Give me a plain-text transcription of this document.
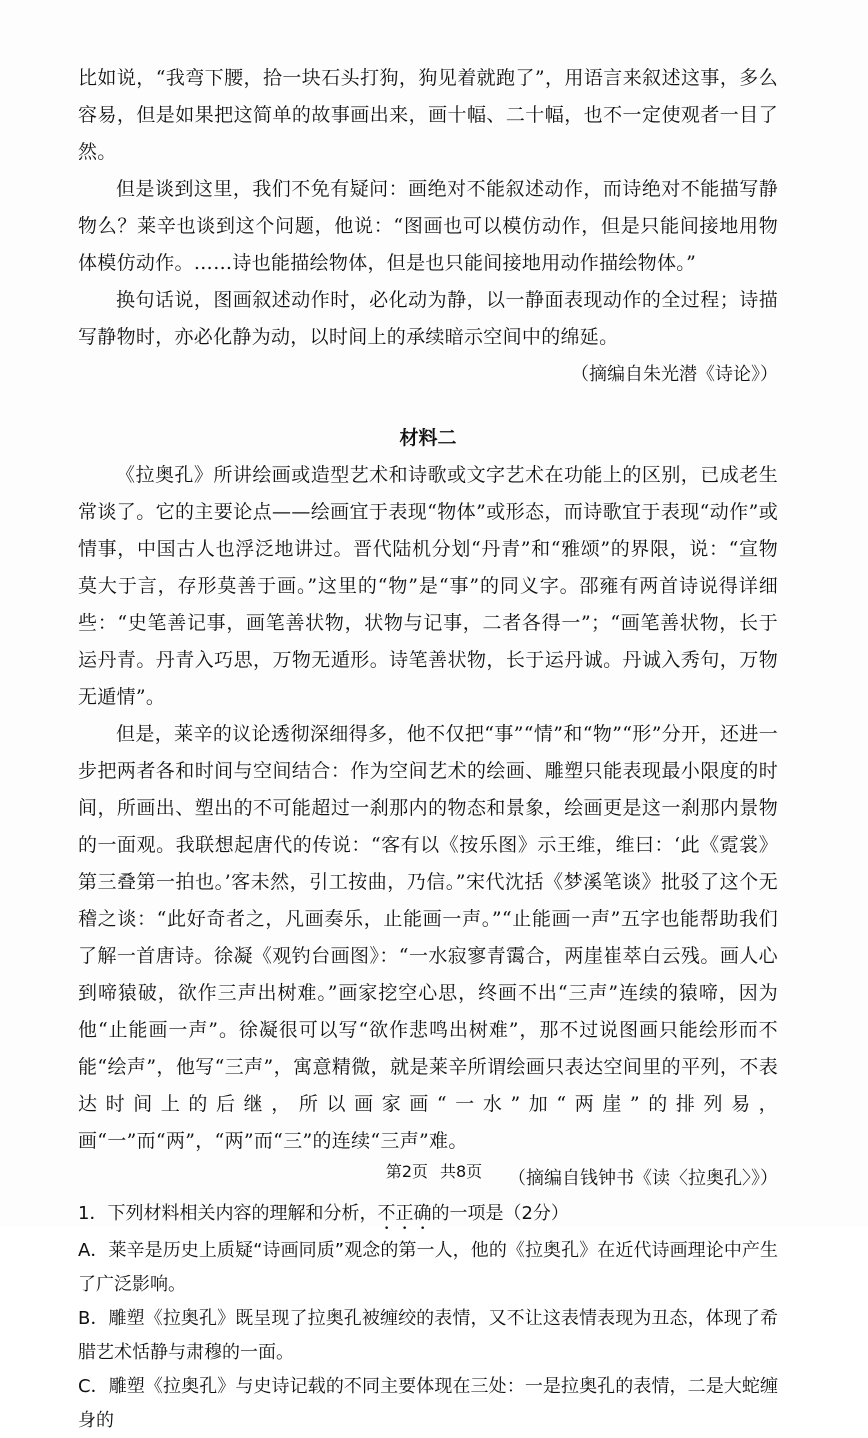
比如说，“我弯下腰，拾一块石头打狗，狗见着就跑了”，用语言来叙述这事，多么容易，但是如果把这简单的故事画出来，画十幅、二十幅，也不一定使观者一目了然。

但是谈到这里，我们不免有疑问：画绝对不能叙述动作，而诗绝对不能描写静物么？莱辛也谈到这个问题，他说：“图画也可以模仿动作，但是只能间接地用物体模仿动作。……诗也能描绘物体，但是也只能间接地用动作描绘物体。”

换句话说，图画叙述动作时，必化动为静，以一静面表现动作的全过程；诗描写静物时，亦必化静为动，以时间上的承续暗示空间中的绵延。

（摘编自朱光潜《诗论》）
材料二

《拉奥孔》所讲绘画或造型艺术和诗歌或文字艺术在功能上的区别，已成老生常谈了。它的主要论点——绘画宜于表现“物体”或形态，而诗歌宜于表现“动作”或情事，中国古人也浮泛地讲过。晋代陆机分划“丹青”和“雅颂”的界限，说：“宣物莫大于言，存形莫善于画。”这里的“物”是“事”的同义字。邵雍有两首诗说得详细些：“史笔善记事，画笔善状物，状物与记事，二者各得一”；“画笔善状物，长于运丹青。丹青入巧思，万物无遁形。诗笔善状物，长于运丹诚。丹诚入秀句，万物无遁情”。

但是，莱辛的议论透彻深细得多，他不仅把“事”“情”和“物”“形”分开，还进一步把两者各和时间与空间结合：作为空间艺术的绘画、雕塑只能表现最小限度的时间，所画出、塑出的不可能超过一刹那内的物态和景象，绘画更是这一刹那内景物的一面观。我联想起唐代的传说：“客有以《按乐图》示王维，维曰：‘此《霓裳》第三叠第一拍也。’客未然，引工按曲，乃信。”宋代沈括《梦溪笔谈》批驳了这个无稽之谈：“此好奇者之，凡画奏乐，止能画一声。”“止能画一声”五字也能帮助我们了解一首唐诗。徐凝《观钓台画图》：“一水寂寥青霭合，两崖崔萃白云残。画人心到啼猿破，欲作三声出树难。”画家挖空心思，终画不出“三声”连续的猿啼，因为他“止能画一声”。徐凝很可以写“欲作悲鸣出树难”，那不过说图画只能绘形而不能“绘声”，他写“三声”，寓意精微，就是莱辛所谓绘画只表达空间里的平列，不表达时间上的后继，所以画家画“一水”加“两崖”的排列易，画“一”而“两”，“两”而“三”的连续“三声”难。

（摘编自钱钟书《读〈拉奥孔〉》）
1．下列材料相关内容的理解和分析，不正确的一项是（2分）
A．莱辛是历史上质疑“诗画同质”观念的第一人，他的《拉奥孔》在近代诗画理论中产生了广泛影响。
B．雕塑《拉奥孔》既呈现了拉奥孔被缠绞的表情，又不让这表情表现为丑态，体现了希腊艺术恬静与肃穆的一面。
C．雕塑《拉奥孔》与史诗记载的不同主要体现在三处：一是拉奥孔的表情，二是大蛇缠身的
第2页 共8页
